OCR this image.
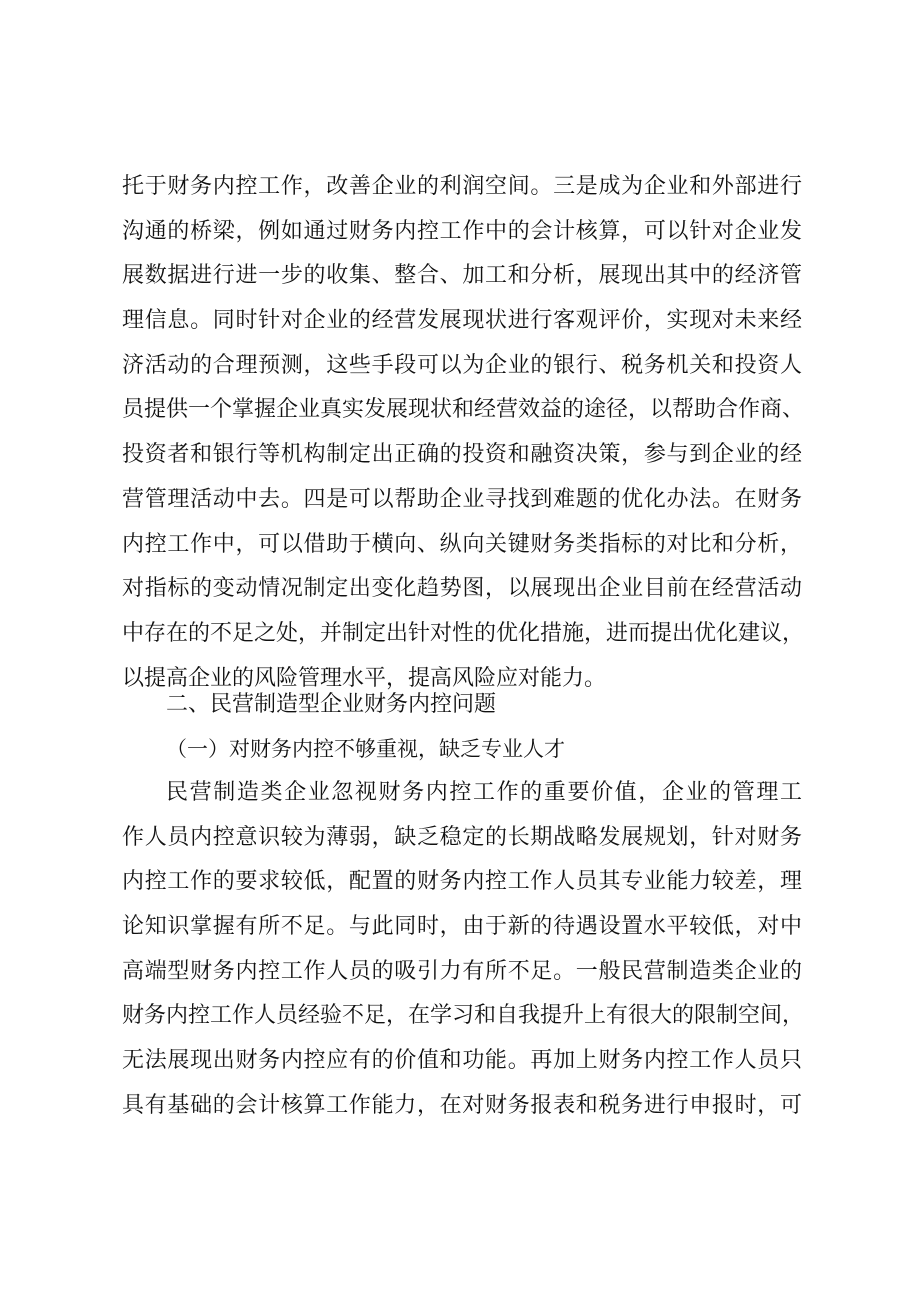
托于财务内控工作，改善企业的利润空间。三是成为企业和外部进行
沟通的桥梁，例如通过财务内控工作中的会计核算，可以针对企业发
展数据进行进一步的收集、整合、加工和分析，展现出其中的经济管
理信息。同时针对企业的经营发展现状进行客观评价，实现对未来经
济活动的合理预测，这些手段可以为企业的银行、税务机关和投资人
员提供一个掌握企业真实发展现状和经营效益的途径，以帮助合作商、
投资者和银行等机构制定出正确的投资和融资决策，参与到企业的经
营管理活动中去。四是可以帮助企业寻找到难题的优化办法。在财务
内控工作中，可以借助于横向、纵向关键财务类指标的对比和分析，
对指标的变动情况制定出变化趋势图，以展现出企业目前在经营活动
中存在的不足之处，并制定出针对性的优化措施，进而提出优化建议，
以提高企业的风险管理水平，提高风险应对能力。
二、民营制造型企业财务内控问题
（一）对财务内控不够重视，缺乏专业人才
民营制造类企业忽视财务内控工作的重要价值，企业的管理工
作人员内控意识较为薄弱，缺乏稳定的长期战略发展规划，针对财务
内控工作的要求较低，配置的财务内控工作人员其专业能力较差，理
论知识掌握有所不足。与此同时，由于新的待遇设置水平较低，对中
高端型财务内控工作人员的吸引力有所不足。一般民营制造类企业的
财务内控工作人员经验不足，在学习和自我提升上有很大的限制空间，
无法展现出财务内控应有的价值和功能。再加上财务内控工作人员只
具有基础的会计核算工作能力，在对财务报表和税务进行申报时，可
